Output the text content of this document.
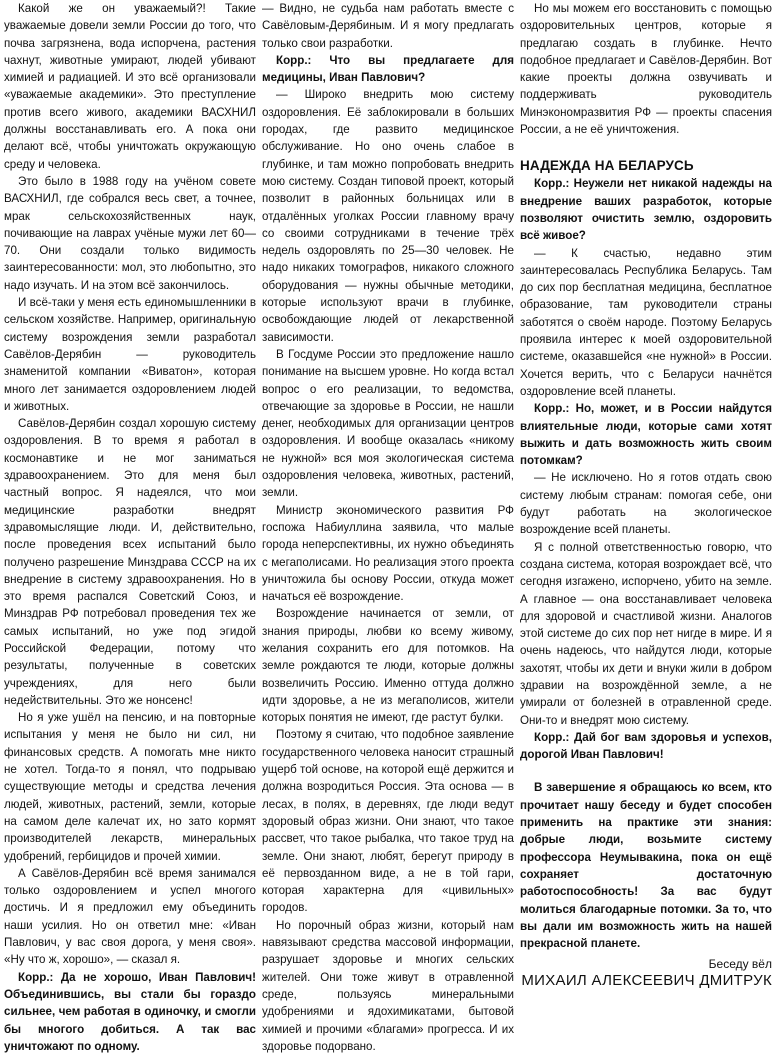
Какой же он уважаемый?! Такие уважаемые довели земли России до того, что почва загрязнена, вода испорчена, растения чахнут, животные умирают, людей убивают химией и радиацией. И это всё организовали «уважаемые академики». Это преступление против всего живого, академики ВАСХНИЛ должны восстанавливать его. А пока они делают всё, чтобы уничтожать окружающую среду и человека.

Это было в 1988 году на учёном совете ВАСХНИЛ, где собрался весь свет, а точнее, мрак сельскохозяйственных наук, почивающие на лаврах учёные мужи лет 60—70. Они создали только видимость заинтересованности: мол, это любопытно, это надо изучать. И на этом всё закончилось.

И всё-таки у меня есть единомышленники в сельском хозяйстве. Например, оригинальную систему возрождения земли разработал Савёлов-Дерябин — руководитель знаменитой компании «Виватон», которая много лет занимается оздоровлением людей и животных.

Савёлов-Дерябин создал хорошую систему оздоровления. В то время я работал в космонавтике и не мог заниматься здравоохранением. Это для меня был частный вопрос. Я надеялся, что мои медицинские разработки внедрят здравомыслящие люди. И, действительно, после проведения всех испытаний было получено разрешение Минздрава СССР на их внедрение в систему здравоохранения. Но в это время распался Советский Союз, и Минздрав РФ потребовал проведения тех же самых испытаний, но уже под эгидой Российской Федерации, потому что результаты, полученные в советских учреждениях, для него были недействительны. Это же нонсенс!

Но я уже ушёл на пенсию, и на повторные испытания у меня не было ни сил, ни финансовых средств. А помогать мне никто не хотел. Тогда-то я понял, что подрываю существующие методы и средства лечения людей, животных, растений, земли, которые на самом деле калечат их, но зато кормят производителей лекарств, минеральных удобрений, гербицидов и прочей химии.

А Савёлов-Дерябин всё время занимался только оздоровлением и успел многого достичь. И я предложил ему объединить наши усилия. Но он ответил мне: «Иван Павлович, у вас своя дорога, у меня своя». «Ну что ж, хорошо», — сказал я.

Корр.: Да не хорошо, Иван Павлович! Объединившись, вы стали бы гораздо сильнее, чем работая в одиночку, и смогли бы многого добиться. А так вас уничтожают по одному.

— Видно, не судьба нам работать вместе с Савёловым-Дерябиным. И я могу предлагать только свои разработки.

Корр.: Что вы предлагаете для медицины, Иван Павлович?

— Широко внедрить мою систему оздоровления. Её заблокировали в больших городах, где развито медицинское обслуживание. Но оно очень слабое в глубинке, и там можно попробовать внедрить мою систему. Создан типовой проект, который позволит в районных больницах или в отдалённых уголках России главному врачу со своими сотрудниками в течение трёх недель оздоровлять по 25—30 человек. Не надо никаких томографов, никакого сложного оборудования — нужны обычные методики, которые используют врачи в глубинке, освобождающие людей от лекарственной зависимости.

В Госдуме России это предложение нашло понимание на высшем уровне. Но когда встал вопрос о его реализации, то ведомства, отвечающие за здоровье в России, не нашли денег, необходимых для организации центров оздоровления. И вообще оказалась «никому не нужной» вся моя экологическая система оздоровления человека, животных, растений, земли.

Министр экономического развития РФ госпожа Набиуллина заявила, что малые города неперспективны, их нужно объединять с мегаполисами. Но реализация этого проекта уничтожила бы основу России, откуда может начаться её возрождение.

Возрождение начинается от земли, от знания природы, любви ко всему живому, желания сохранить его для потомков. На земле рождаются те люди, которые должны возвеличить Россию. Именно оттуда должно идти здоровье, а не из мегаполисов, жители которых понятия не имеют, где растут булки.

Поэтому я считаю, что подобное заявление государственного человека наносит страшный ущерб той основе, на которой ещё держится и должна возродиться Россия. Эта основа — в лесах, в полях, в деревнях, где люди ведут здоровый образ жизни. Они знают, что такое рассвет, что такое рыбалка, что такое труд на земле. Они знают, любят, берегут природу в её первозданном виде, а не в той гари, которая характерна для «цивильных» городов.

Но порочный образ жизни, который нам навязывают средства массовой информации, разрушает здоровье и многих сельских жителей. Они тоже живут в отравленной среде, пользуясь минеральными удобрениями и ядохимикатами, бытовой химией и прочими «благами» прогресса. И их здоровье подорвано.

Но мы можем его восстановить с помощью оздоровительных центров, которые я предлагаю создать в глубинке. Нечто подобное предлагает и Савёлов-Дерябин. Вот какие проекты должна озвучивать и поддерживать руководитель Минэкономразвития РФ — проекты спасения России, а не её уничтожения.

НАДЕЖДА НА БЕЛАРУСЬ

Корр.: Неужели нет никакой надежды на внедрение ваших разработок, которые позволяют очистить землю, оздоровить всё живое?

— К счастью, недавно этим заинтересовалась Республика Беларусь. Там до сих пор бесплатная медицина, бесплатное образование, там руководители страны заботятся о своём народе. Поэтому Беларусь проявила интерес к моей оздоровительной системе, оказавшейся «не нужной» в России. Хочется верить, что с Беларуси начнётся оздоровление всей планеты.

Корр.: Но, может, и в России найдутся влиятельные люди, которые сами хотят выжить и дать возможность жить своим потомкам?

— Не исключено. Но я готов отдать свою систему любым странам: помогая себе, они будут работать на экологическое возрождение всей планеты.

Я с полной ответственностью говорю, что создана система, которая возрождает всё, что сегодня изгажено, испорчено, убито на земле. А главное — она восстанавливает человека для здоровой и счастливой жизни. Аналогов этой системе до сих пор нет нигде в мире. И я очень надеюсь, что найдутся люди, которые захотят, чтобы их дети и внуки жили в добром здравии на возрождённой земле, а не умирали от болезней в отравленной среде. Они-то и внедрят мою систему.

Корр.: Дай бог вам здоровья и успехов, дорогой Иван Павлович!

В завершение я обращаюсь ко всем, кто прочитает нашу беседу и будет способен применить на практике эти знания: добрые люди, возьмите систему профессора Неумывакина, пока он ещё сохраняет достаточную работоспособность! За вас будут молиться благодарные потомки. За то, что вы дали им возможность жить на нашей прекрасной планете.

Беседу вёл
МИХАИЛ АЛЕКСЕЕВИЧ ДМИТРУК
